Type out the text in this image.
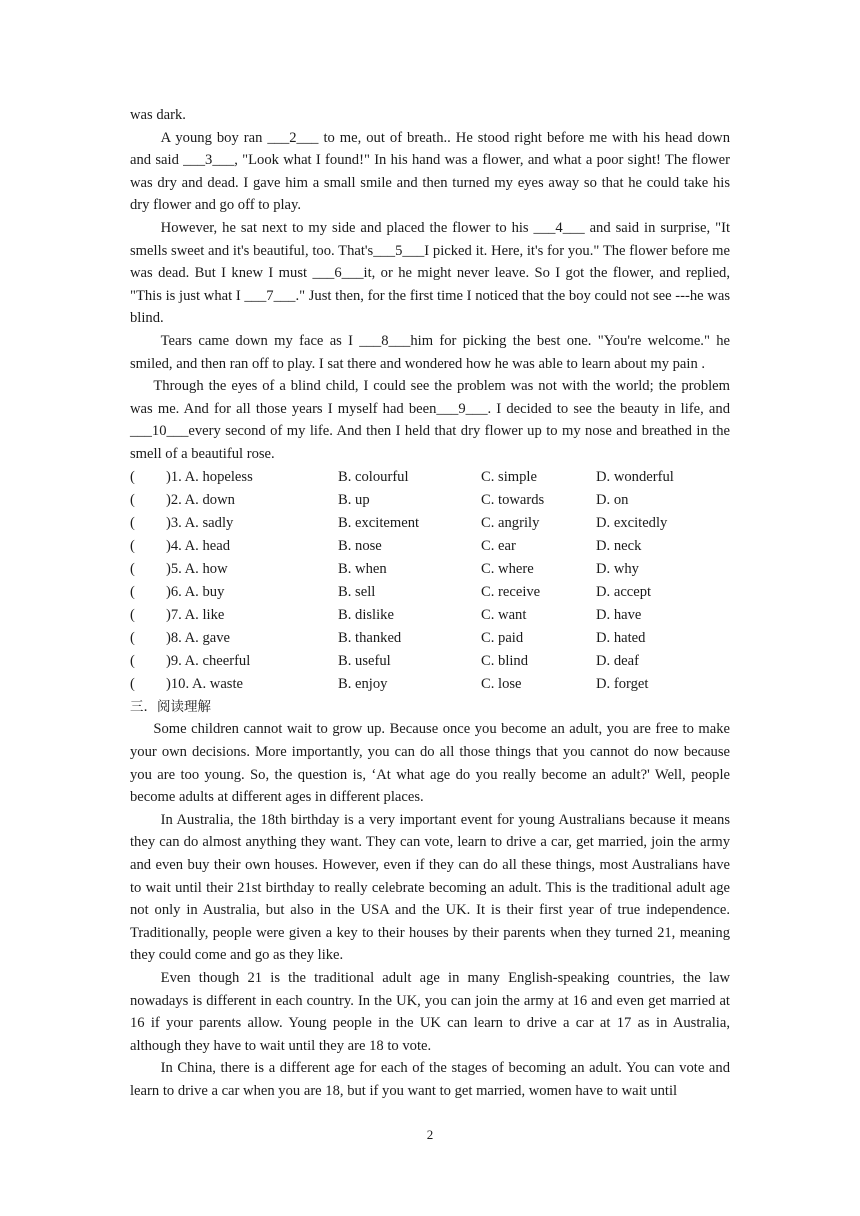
was dark.

A young boy ran ___2___ to me, out of breath.. He stood right before me with his head down and said ___3___, "Look what I found!" In his hand was a flower, and what a poor sight! The flower was dry and dead. I gave him a small smile and then turned my eyes away so that he could take his dry flower and go off to play.

However, he sat next to my side and placed the flower to his ___4___ and said in surprise, "It smells sweet and it's beautiful, too. That's___5___I picked it. Here, it's for you." The flower before me was dead. But I knew I must ___6___it, or he might never leave. So I got the flower, and replied, "This is just what I ___7___." Just then, for the first time I noticed that the boy could not see ---he was blind.

Tears came down my face as I ___8___him for picking the best one. "You're welcome." he smiled, and then ran off to play. I sat there and wondered how he was able to learn about my pain .

Through the eyes of a blind child, I could see the problem was not with the world; the problem was me. And for all those years I myself had been___9___. I decided to see the beauty in life, and ___10___every second of my life. And then I held that dry flower up to my nose and breathed in the smell of a beautiful rose.

(	)1. A. hopeless	B. colourful	C. simple	D. wonderful
(	)2. A. down	B. up	C. towards	D. on
(	)3. A. sadly	B. excitement	C. angrily	D. excitedly
(	)4. A. head	B. nose	C. ear	D. neck
(	)5. A. how	B. when	C. where	D. why
(	)6. A. buy	B. sell	C. receive	D. accept
(	)7. A. like	B. dislike	C. want	D. have
(	)8. A. gave	B. thanked	C. paid	D. hated
(	)9. A. cheerful	B. useful	C. blind	D. deaf
(	)10. A. waste	B. enjoy	C. lose	D. forget

三．阅读理解

Some children cannot wait to grow up. Because once you become an adult, you are free to make your own decisions. More importantly, you can do all those things that you cannot do now because you are too young. So, the question is, ‘At what age do you really become an adult?' Well, people become adults at different ages in different places.

In Australia, the 18th birthday is a very important event for young Australians because it means they can do almost anything they want. They can vote, learn to drive a car, get married, join the army and even buy their own houses. However, even if they can do all these things, most Australians have to wait until their 21st birthday to really celebrate becoming an adult. This is the traditional adult age not only in Australia, but also in the USA and the UK. It is their first year of true independence. Traditionally, people were given a key to their houses by their parents when they turned 21, meaning they could come and go as they like.

Even though 21 is the traditional adult age in many English-speaking countries, the law nowadays is different in each country. In the UK, you can join the army at 16 and even get married at 16 if your parents allow. Young people in the UK can learn to drive a car at 17 as in Australia, although they have to wait until they are 18 to vote.

In China, there is a different age for each of the stages of becoming an adult. You can vote and learn to drive a car when you are 18, but if you want to get married, women have to wait until

2
